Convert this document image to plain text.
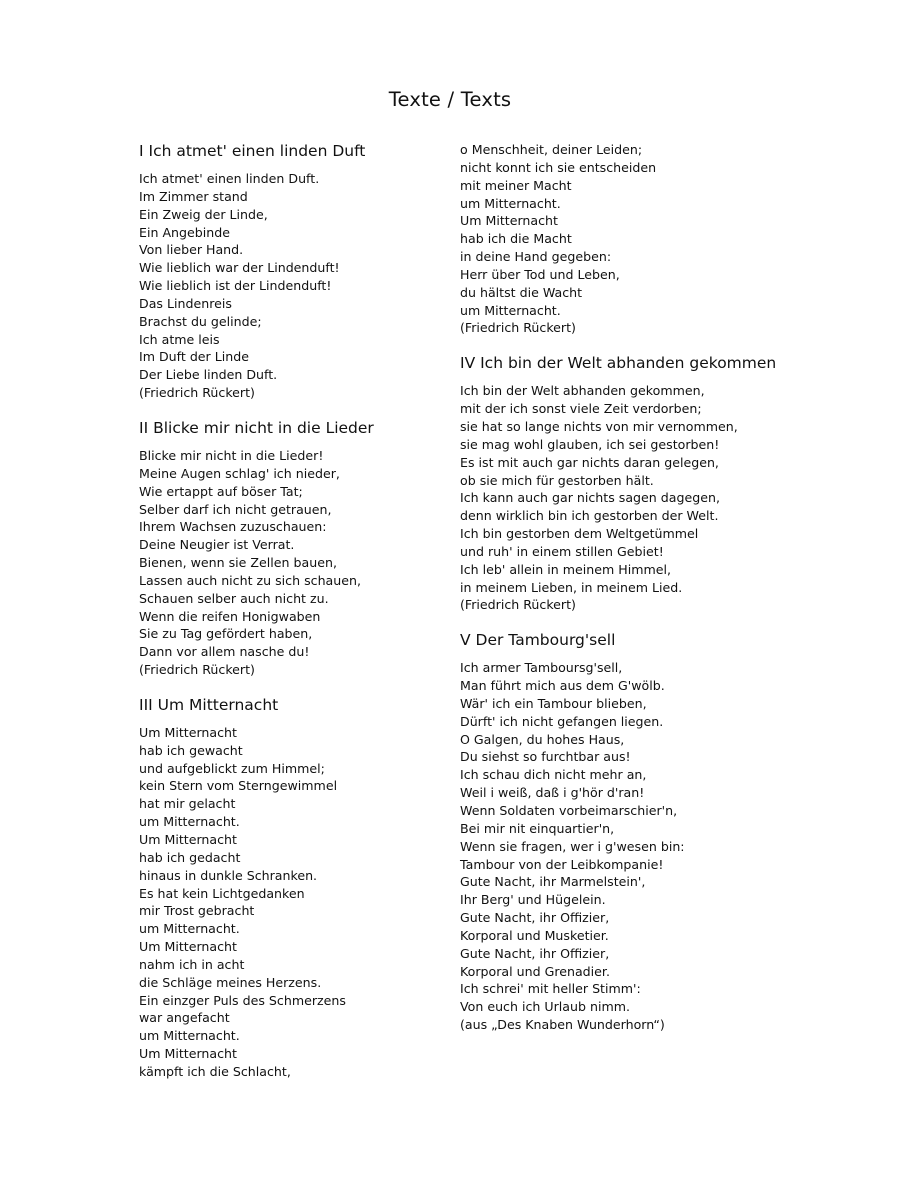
Texte / Texts
I Ich atmet' einen linden Duft
Ich atmet' einen linden Duft.
Im Zimmer stand
Ein Zweig der Linde,
Ein Angebinde
Von lieber Hand.
Wie lieblich war der Lindenduft!
Wie lieblich ist der Lindenduft!
Das Lindenreis
Brachst du gelinde;
Ich atme leis
Im Duft der Linde
Der Liebe linden Duft.
(Friedrich Rückert)
II Blicke mir nicht in die Lieder
Blicke mir nicht in die Lieder!
Meine Augen schlag' ich nieder,
Wie ertappt auf böser Tat;
Selber darf ich nicht getrauen,
Ihrem Wachsen zuzuschauen:
Deine Neugier ist Verrat.
Bienen, wenn sie Zellen bauen,
Lassen auch nicht zu sich schauen,
Schauen selber auch nicht zu.
Wenn die reifen Honigwaben
Sie zu Tag gefördert haben,
Dann vor allem nasche du!
(Friedrich Rückert)
III Um Mitternacht
Um Mitternacht
hab ich gewacht
und aufgeblickt zum Himmel;
kein Stern vom Sterngewimmel
hat mir gelacht
um Mitternacht.
Um Mitternacht
hab ich gedacht
hinaus in dunkle Schranken.
Es hat kein Lichtgedanken
mir Trost gebracht
um Mitternacht.
Um Mitternacht
nahm ich in acht
die Schläge meines Herzens.
Ein einzger Puls des Schmerzens
war angefacht
um Mitternacht.
Um Mitternacht
kämpft ich die Schlacht,
o Menschheit, deiner Leiden;
nicht konnt ich sie entscheiden
mit meiner Macht
um Mitternacht.
Um Mitternacht
hab ich die Macht
in deine Hand gegeben:
Herr über Tod und Leben,
du hältst die Wacht
um Mitternacht.
(Friedrich Rückert)
IV Ich bin der Welt abhanden gekommen
Ich bin der Welt abhanden gekommen,
mit der ich sonst viele Zeit verdorben;
sie hat so lange nichts von mir vernommen,
sie mag wohl glauben, ich sei gestorben!
Es ist mit auch gar nichts daran gelegen,
ob sie mich für gestorben hält.
Ich kann auch gar nichts sagen dagegen,
denn wirklich bin ich gestorben der Welt.
Ich bin gestorben dem Weltgetümmel
und ruh' in einem stillen Gebiet!
Ich leb' allein in meinem Himmel,
in meinem Lieben, in meinem Lied.
(Friedrich Rückert)
V Der Tambourg'sell
Ich armer Tamboursg'sell,
Man führt mich aus dem G'wölb.
Wär' ich ein Tambour blieben,
Dürft' ich nicht gefangen liegen.
O Galgen, du hohes Haus,
Du siehst so furchtbar aus!
Ich schau dich nicht mehr an,
Weil i weiß, daß i g'hör d'ran!
Wenn Soldaten vorbeimarschier'n,
Bei mir nit einquartier'n,
Wenn sie fragen, wer i g'wesen bin:
Tambour von der Leibkompanie!
Gute Nacht, ihr Marmelstein',
Ihr Berg' und Hügelein.
Gute Nacht, ihr Offizier,
Korporal und Musketier.
Gute Nacht, ihr Offizier,
Korporal und Grenadier.
Ich schrei' mit heller Stimm':
Von euch ich Urlaub nimm.
(aus „Des Knaben Wunderhorn“)
